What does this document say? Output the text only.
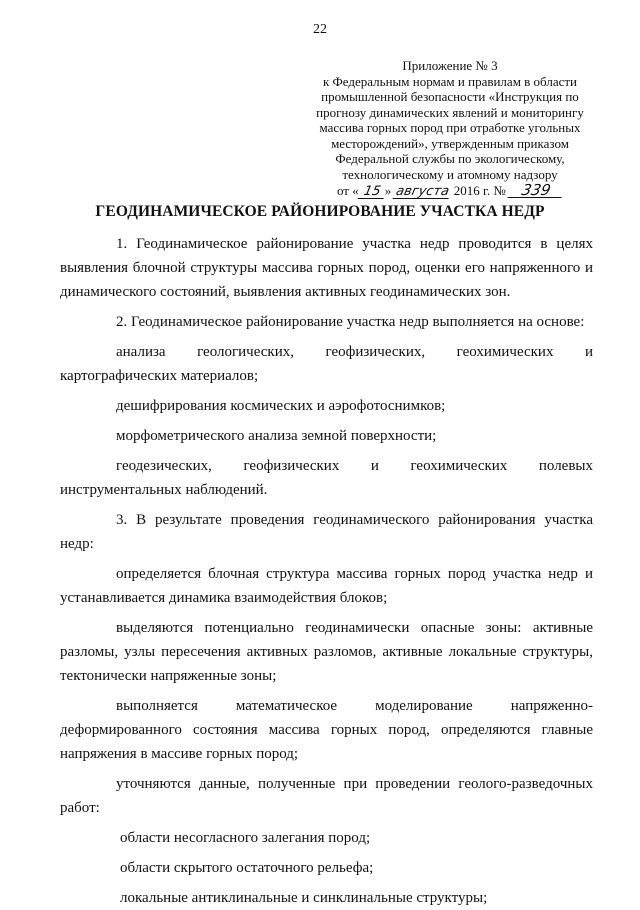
22
Приложение № 3
к Федеральным нормам и правилам в области
промышленной безопасности «Инструкция по
прогнозу динамических явлений и мониторингу
массива горных пород при отработке угольных
месторождений», утвержденным приказом
Федеральной службы по экологическому,
технологическому и атомному надзору
от « 15 » августа 2016 г. № 339
ГЕОДИНАМИЧЕСКОЕ РАЙОНИРОВАНИЕ УЧАСТКА НЕДР

1. Геодинамическое районирование участка недр проводится в целях выявления блочной структуры массива горных пород, оценки его напряженного и динамического состояний, выявления активных геодинамических зон.

2. Геодинамическое районирование участка недр выполняется на основе:

анализа геологических, геофизических, геохимических и картографических материалов;

дешифрирования космических и аэрофотоснимков;

морфометрического анализа земной поверхности;

геодезических, геофизических и геохимических полевых инструментальных наблюдений.

3. В результате проведения геодинамического районирования участка недр:

определяется блочная структура массива горных пород участка недр и устанавливается динамика взаимодействия блоков;

выделяются потенциально геодинамически опасные зоны: активные разломы, узлы пересечения активных разломов, активные локальные структуры, тектонически напряженные зоны;

выполняется математическое моделирование напряженно-деформированного состояния массива горных пород, определяются главные напряжения в массиве горных пород;

уточняются данные, полученные при проведении геолого-разведочных работ:

области несогласного залегания пород;

области скрытого остаточного рельефа;

локальные антиклинальные и синклинальные структуры;
